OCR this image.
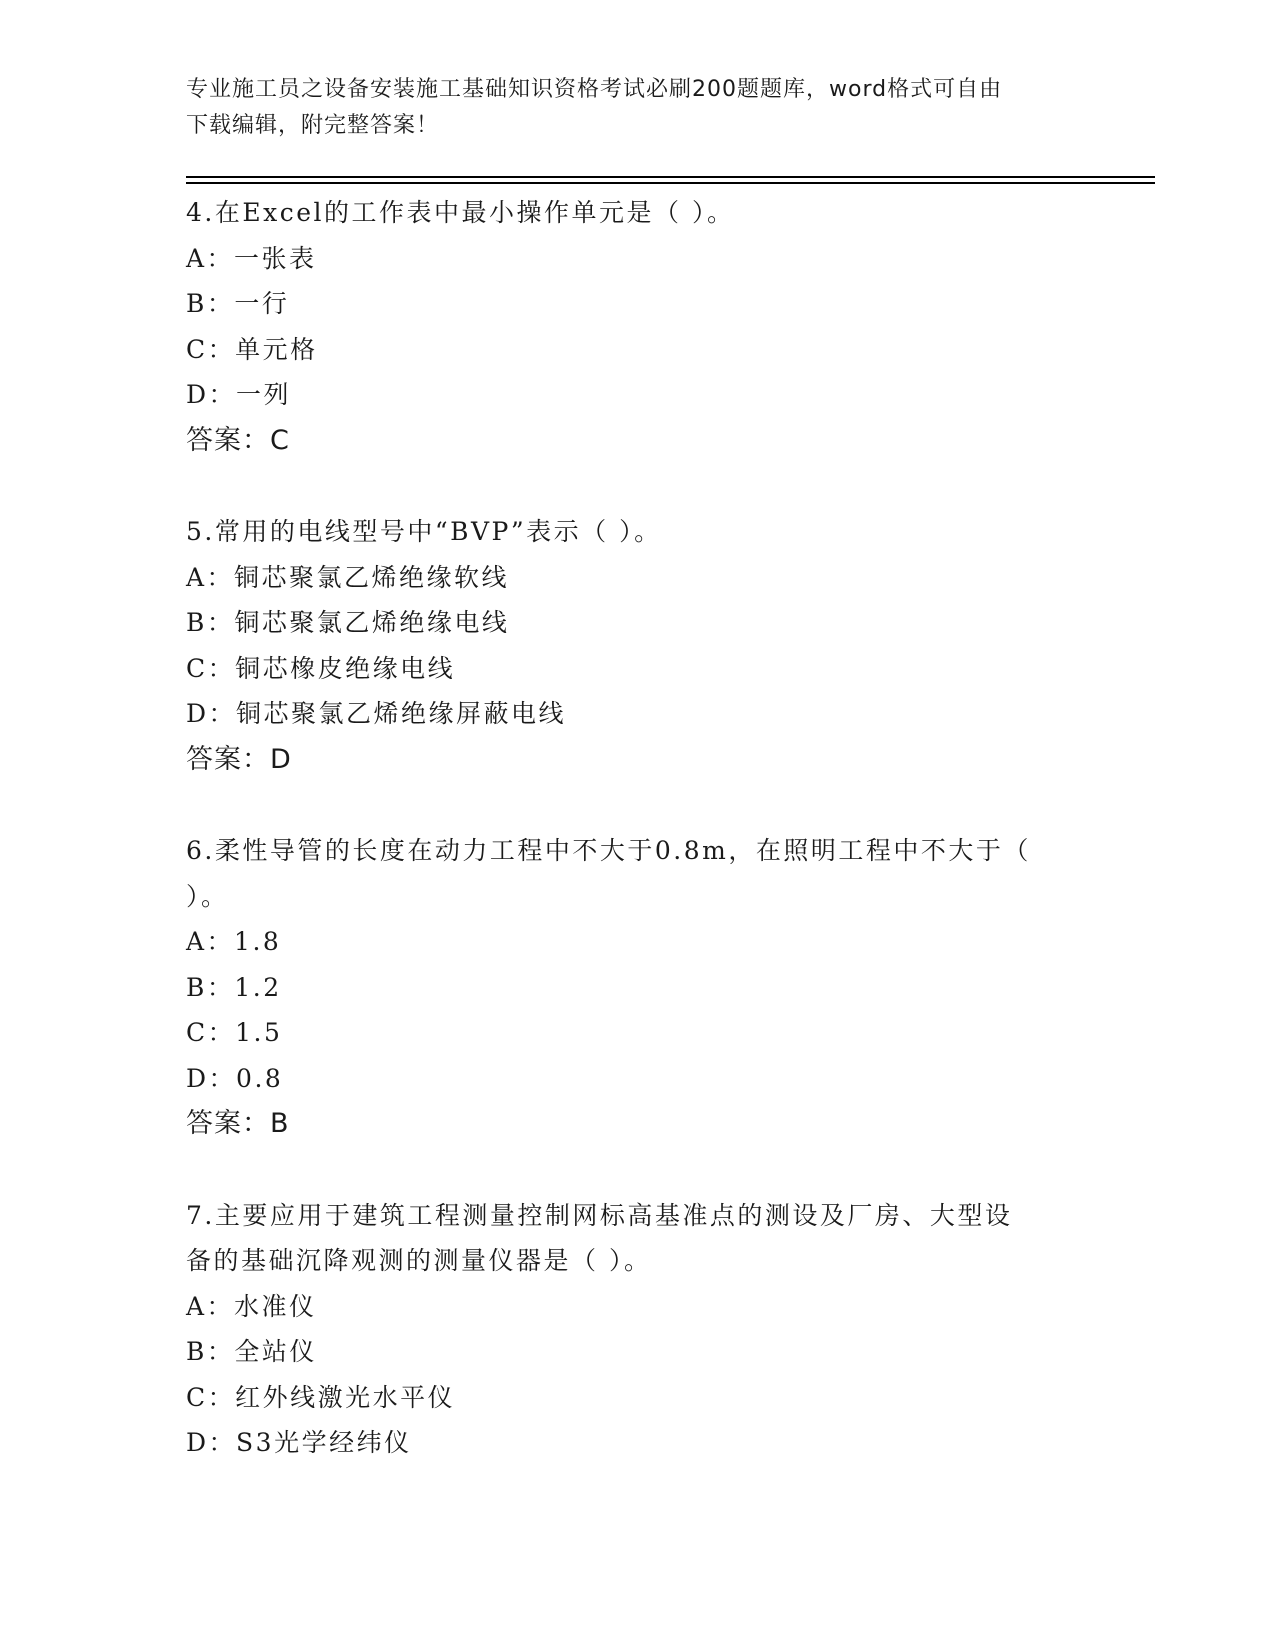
专业施工员之设备安装施工基础知识资格考试必刷200题题库，word格式可自由
下载编辑，附完整答案！
4.在Excel的工作表中最小操作单元是（ ）。
A：一张表
B：一行
C：单元格
D：一列
答案：C
5.常用的电线型号中“BVP”表示（ ）。
A：铜芯聚氯乙烯绝缘软线
B：铜芯聚氯乙烯绝缘电线
C：铜芯橡皮绝缘电线
D：铜芯聚氯乙烯绝缘屏蔽电线
答案：D
6.柔性导管的长度在动力工程中不大于0.8m，在照明工程中不大于（
）。
A：1.8
B：1.2
C：1.5
D：0.8
答案：B
7.主要应用于建筑工程测量控制网标高基准点的测设及厂房、大型设
备的基础沉降观测的测量仪器是（ ）。
A：水准仪
B：全站仪
C：红外线激光水平仪
D：S3光学经纬仪
